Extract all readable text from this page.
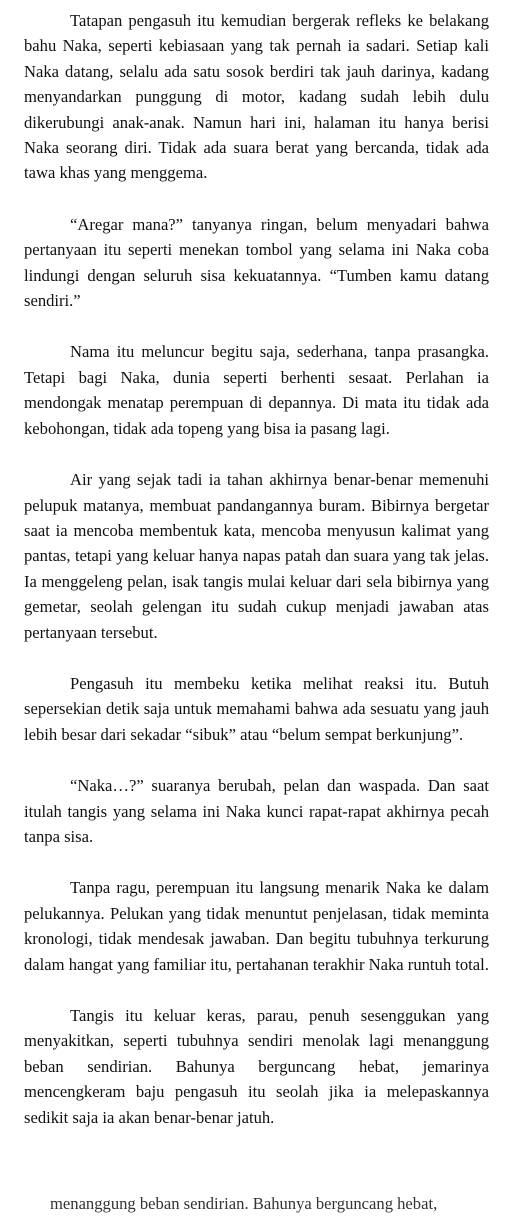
Tatapan pengasuh itu kemudian bergerak refleks ke belakang bahu Naka, seperti kebiasaan yang tak pernah ia sadari. Setiap kali Naka datang, selalu ada satu sosok berdiri tak jauh darinya, kadang menyandarkan punggung di motor, kadang sudah lebih dulu dikerubungi anak-anak. Namun hari ini, halaman itu hanya berisi Naka seorang diri. Tidak ada suara berat yang bercanda, tidak ada tawa khas yang menggema.

“Aregar mana?” tanyanya ringan, belum menyadari bahwa pertanyaan itu seperti menekan tombol yang selama ini Naka coba lindungi dengan seluruh sisa kekuatannya. “Tumben kamu datang sendiri.”

Nama itu meluncur begitu saja, sederhana, tanpa prasangka. Tetapi bagi Naka, dunia seperti berhenti sesaat. Perlahan ia mendongak menatap perempuan di depannya. Di mata itu tidak ada kebohongan, tidak ada topeng yang bisa ia pasang lagi.

Air yang sejak tadi ia tahan akhirnya benar-benar memenuhi pelupuk matanya, membuat pandangannya buram. Bibirnya bergetar saat ia mencoba membentuk kata, mencoba menyusun kalimat yang pantas, tetapi yang keluar hanya napas patah dan suara yang tak jelas. Ia menggeleng pelan, isak tangis mulai keluar dari sela bibirnya yang gemetar, seolah gelengan itu sudah cukup menjadi jawaban atas pertanyaan tersebut.

Pengasuh itu membeku ketika melihat reaksi itu. Butuh sepersekian detik saja untuk memahami bahwa ada sesuatu yang jauh lebih besar dari sekadar “sibuk” atau “belum sempat berkunjung”.

“Naka…?” suaranya berubah, pelan dan waspada. Dan saat itulah tangis yang selama ini Naka kunci rapat-rapat akhirnya pecah tanpa sisa.

Tanpa ragu, perempuan itu langsung menarik Naka ke dalam pelukannya. Pelukan yang tidak menuntut penjelasan, tidak meminta kronologi, tidak mendesak jawaban. Dan begitu tubuhnya terkurung dalam hangat yang familiar itu, pertahanan terakhir Naka runtuh total.

Tangis itu keluar keras, parau, penuh sesenggukan yang menyakitkan, seperti tubuhnya sendiri menolak lagi menanggung beban sendirian. Bahunya berguncang hebat, jemarinya mencengkeram baju pengasuh itu seolah jika ia melepaskannya sedikit saja ia akan benar-benar jatuh.

menanggung beban sendirian. Bahunya berguncang hebat,
